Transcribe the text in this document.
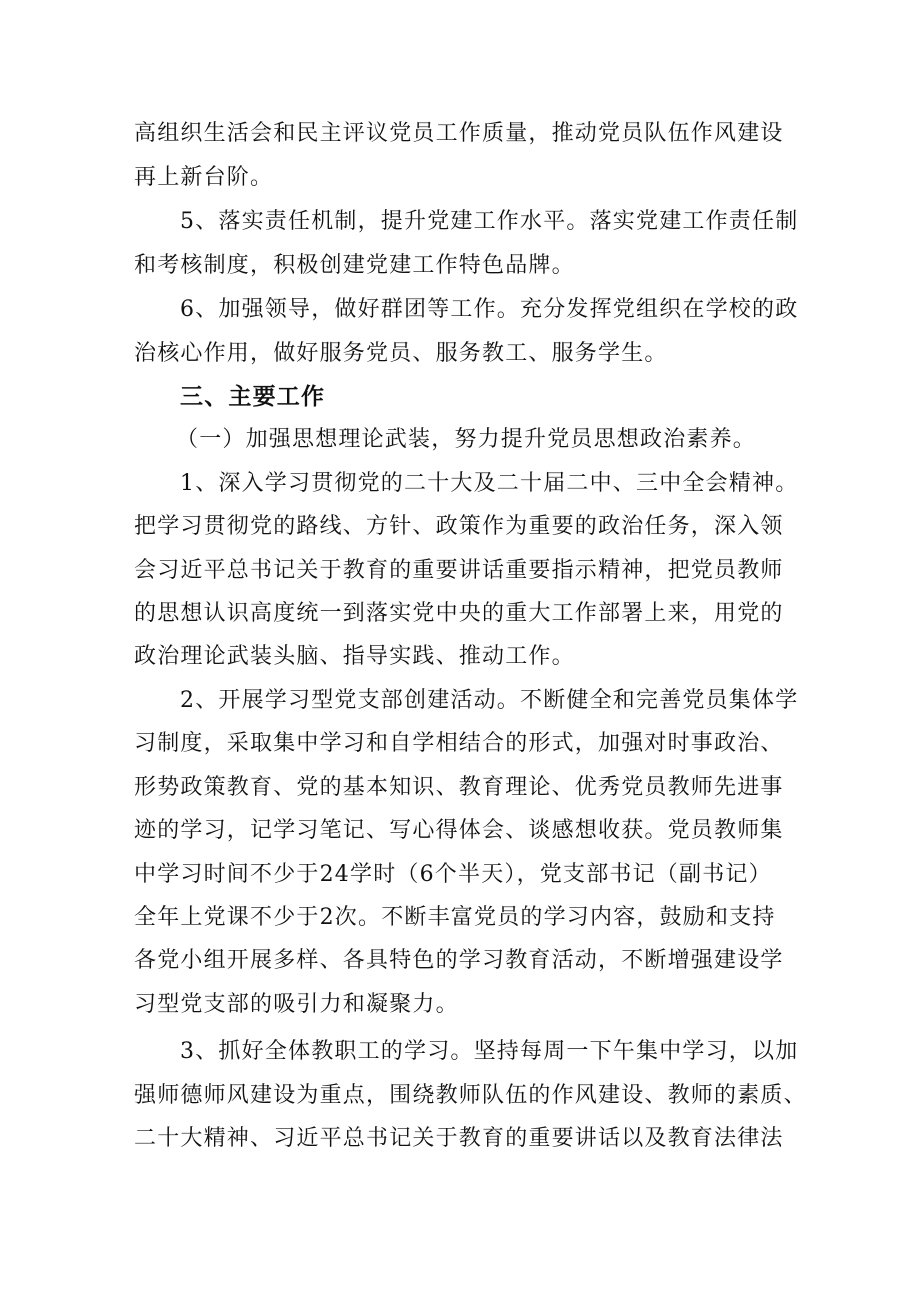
高组织生活会和民主评议党员工作质量，推动党员队伍作风建设
再上新台阶。
5、落实责任机制，提升党建工作水平。落实党建工作责任制
和考核制度，积极创建党建工作特色品牌。
6、加强领导，做好群团等工作。充分发挥党组织在学校的政
治核心作用，做好服务党员、服务教工、服务学生。
三、主要工作
（一）加强思想理论武装，努力提升党员思想政治素养。
1、深入学习贯彻党的二十大及二十届二中、三中全会精神。
把学习贯彻党的路线、方针、政策作为重要的政治任务，深入领
会习近平总书记关于教育的重要讲话重要指示精神，把党员教师
的思想认识高度统一到落实党中央的重大工作部署上来，用党的
政治理论武装头脑、指导实践、推动工作。
2、开展学习型党支部创建活动。不断健全和完善党员集体学
习制度，采取集中学习和自学相结合的形式，加强对时事政治、
形势政策教育、党的基本知识、教育理论、优秀党员教师先进事
迹的学习，记学习笔记、写心得体会、谈感想收获。党员教师集
中学习时间不少于24学时（6个半天），党支部书记（副书记）
全年上党课不少于2次。不断丰富党员的学习内容，鼓励和支持
各党小组开展多样、各具特色的学习教育活动，不断增强建设学
习型党支部的吸引力和凝聚力。
3、抓好全体教职工的学习。坚持每周一下午集中学习，以加
强师德师风建设为重点，围绕教师队伍的作风建设、教师的素质、
二十大精神、习近平总书记关于教育的重要讲话以及教育法律法
